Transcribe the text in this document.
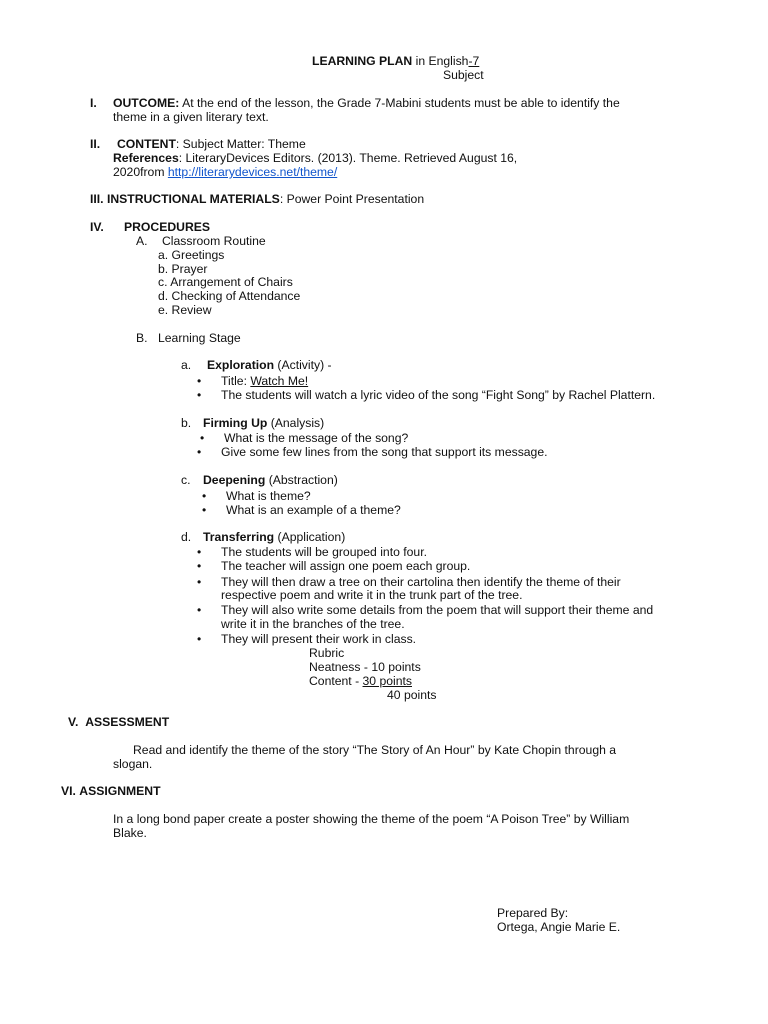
LEARNING PLAN in English-7
Subject
I. OUTCOME: At the end of the lesson, the Grade 7-Mabini students must be able to identify the
theme in a given literary text.
II. CONTENT: Subject Matter: Theme
References: LiteraryDevices Editors. (2013). Theme. Retrieved August 16,
2020from http://literarydevices.net/theme/
III. INSTRUCTIONAL MATERIALS: Power Point Presentation
IV. PROCEDURES
A. Classroom Routine
a. Greetings
b. Prayer
c. Arrangement of Chairs
d. Checking of Attendance
e. Review
B. Learning Stage
a. Exploration (Activity) -
• Title: Watch Me!
• The students will watch a lyric video of the song “Fight Song” by Rachel Plattern.
b. Firming Up (Analysis)
• What is the message of the song?
• Give some few lines from the song that support its message.
c. Deepening (Abstraction)
• What is theme?
• What is an example of a theme?
d. Transferring (Application)
• The students will be grouped into four.
• The teacher will assign one poem each group.
• They will then draw a tree on their cartolina then identify the theme of their
respective poem and write it in the trunk part of the tree.
• They will also write some details from the poem that will support their theme and
write it in the branches of the tree.
• They will present their work in class.
Rubric
Neatness - 10 points
Content - 30 points
40 points
V. ASSESSMENT
Read and identify the theme of the story “The Story of An Hour” by Kate Chopin through a
slogan.
VI. ASSIGNMENT
In a long bond paper create a poster showing the theme of the poem “A Poison Tree” by William
Blake.
Prepared By:
Ortega, Angie Marie E.
